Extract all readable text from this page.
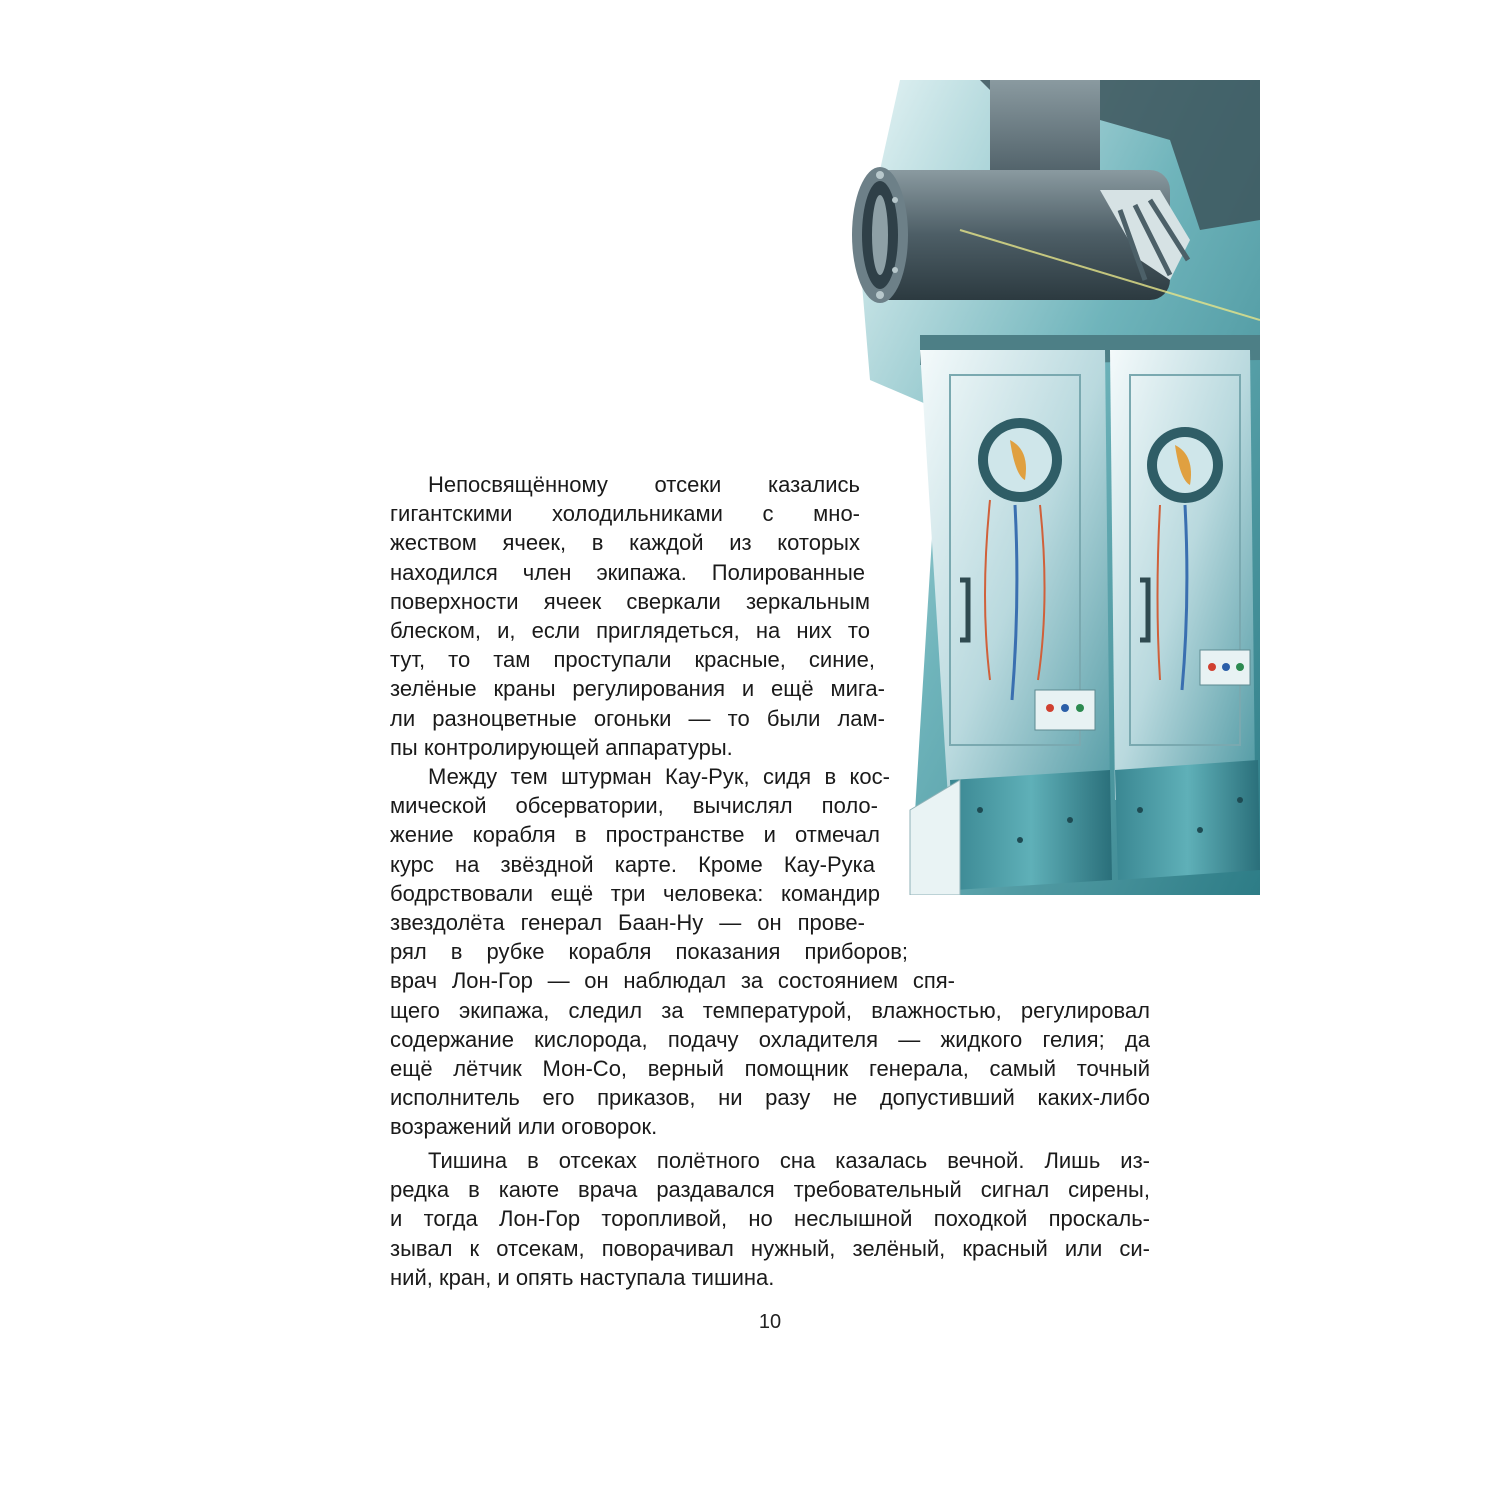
Непосвящённому отсеки казались
гигантскими холодильниками с мно-
жеством ячеек, в каждой из которых
находился член экипажа. Полированные
поверхности ячеек сверкали зеркальным
блеском, и, если приглядеться, на них то
тут, то там проступали красные, синие,
зелёные краны регулирования и ещё мига-
ли разноцветные огоньки — то были лам-
пы контролирующей аппаратуры.
Между тем штурман Кау-Рук, сидя в кос-
мической обсерватории, вычислял поло-
жение корабля в пространстве и отмечал
курс на звёздной карте. Кроме Кау-Рука
бодрствовали ещё три человека: командир
звездолёта генерал Баан-Ну — он прове-
рял в рубке корабля показания приборов;
врач Лон-Гор — он наблюдал за состоянием спя-
щего экипажа, следил за температурой, влажностью, регулировал
содержание кислорода, подачу охладителя — жидкого гелия; да
ещё лётчик Мон-Со, верный помощник генерала, самый точный
исполнитель его приказов, ни разу не допустивший каких-либо
возражений или оговорок.
Тишина в отсеках полётного сна казалась вечной. Лишь из-
редка в каюте врача раздавался требовательный сигнал сирены,
и тогда Лон-Гор торопливой, но неслышной походкой проскаль-
зывал к отсекам, поворачивал нужный, зелёный, красный или си-
ний, кран, и опять наступала тишина.
10
